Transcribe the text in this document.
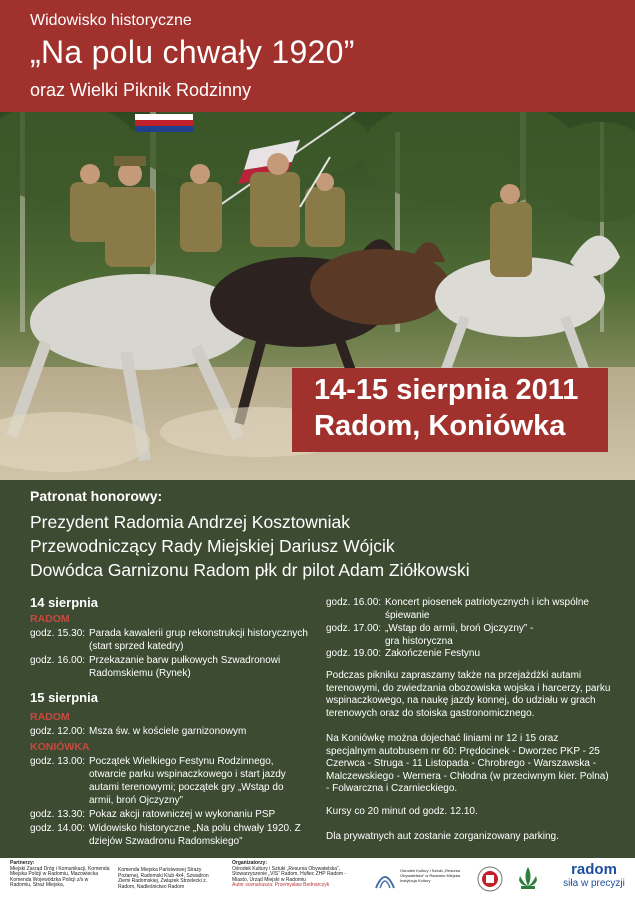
Widowisko historyczne
„Na polu chwały 1920”
oraz Wielki Piknik Rodzinny
14-15 sierpnia 2011
Radom, Koniówka
Patronat honorowy:
Prezydent Radomia Andrzej Kosztowniak
Przewodniczący Rady Miejskiej Dariusz Wójcik
Dowódca Garnizonu Radom płk dr pilot Adam Ziółkowski
14 sierpnia
RADOM
godz. 15.30: Parada kawalerii grup rekonstrukcji historycznych (start sprzed katedry)
godz. 16.00: Przekazanie barw pułkowych Szwadronowi Radomskiemu (Rynek)
15 sierpnia
RADOM
godz. 12.00: Msza św. w kościele garnizonowym
KONIÓWKA
godz. 13.00: Początek Wielkiego Festynu Rodzinnego, otwarcie parku wspinaczkowego i start jazdy autami terenowymi; początek gry „Wstąp do armii, broń Ojczyzny”
godz. 13.30: Pokaz akcji ratowniczej w wykonaniu PSP
godz. 14.00: Widowisko historyczne „Na polu chwały 1920. Z dziejów Szwadronu Radomskiego”
godz. 16.00: Koncert piosenek patriotycznych i ich wspólne śpiewanie
godz. 17.00: „Wstąp do armii, broń Ojczyzny” - gra historyczna
godz. 19.00: Zakończenie Festynu
Podczas pikniku zapraszamy także na przejażdżki autami terenowymi, do zwiedzania obozowiska wojska i harcerzy, parku wspinaczkowego, na naukę jazdy konnej, do udziału w grach terenowych oraz do stoiska gastronomicznego.
Na Koniówkę można dojechać liniami nr 12 i 15 oraz specjalnym autobusem nr 60: Prędocinek - Dworzec PKP - 25 Czerwca - Struga - 11 Listopada - Chrobrego - Warszawska - Malczewskiego - Wernera - Chłodna (w przeciwnym kier. Polna) - Folwarczna i Czarnieckiego.
Kursy co 20 minut od godz. 12.10.
Dla prywatnych aut zostanie zorganizowany parking.
Partnerzy:
Miejski Zarząd Dróg i Komunikacji, Komenda Miejska Policji w Radomiu, Mazowiecka Komenda Wojewódzka Policji z/s w Radomiu, Straż Miejska,
Komenda Miejska Państwowej Straży Pożarnej, Radomski Klub 4x4, Szwadron Ziemi Radomskiej, Związek Strzelecki z. Radom, Nadleśnictwo Radom
Organizatorzy:
Ośrodek Kultury i Sztuki „Resursa Obywatelska”, Stowarzyszenie „VIS” Radom, Hufiec ZHP Radom - Miasto, Urząd Miejski w Radomiu
Autor scenariusza: Przemysław Bednarczyk
Ośrodek Kultury i Sztuki „Resursa Obywatelska” w Radomiu Miejska Instytucja Kultury
radom
siła w precyzji
